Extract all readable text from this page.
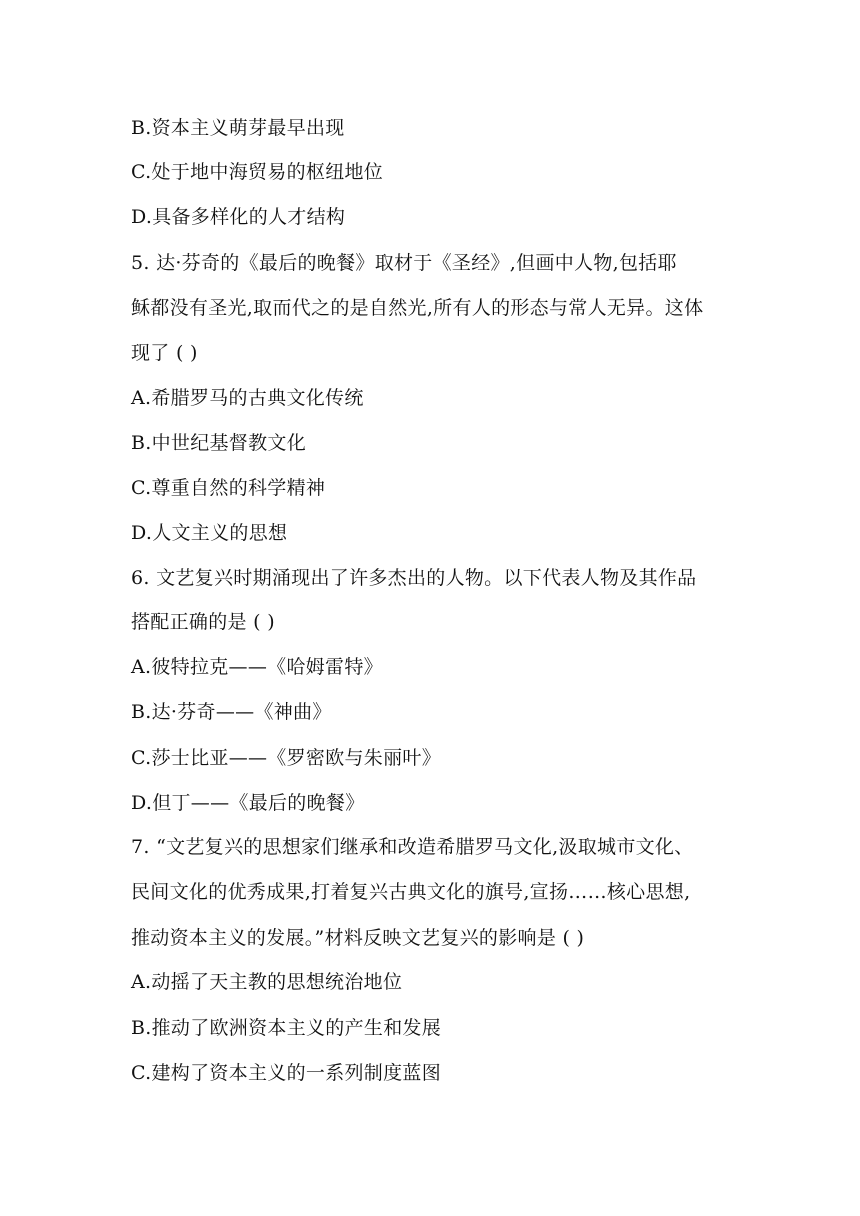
B.资本主义萌芽最早出现
C.处于地中海贸易的枢纽地位
D.具备多样化的人才结构
5. 达·芬奇的《最后的晚餐》取材于《圣经》,但画中人物,包括耶
稣都没有圣光,取而代之的是自然光,所有人的形态与常人无异。这体
现了 ( )
A.希腊罗马的古典文化传统
B.中世纪基督教文化
C.尊重自然的科学精神
D.人文主义的思想
6. 文艺复兴时期涌现出了许多杰出的人物。以下代表人物及其作品
搭配正确的是 ( )
A.彼特拉克——《哈姆雷特》
B.达·芬奇——《神曲》
C.莎士比亚——《罗密欧与朱丽叶》
D.但丁——《最后的晚餐》
7. “文艺复兴的思想家们继承和改造希腊罗马文化,汲取城市文化、
民间文化的优秀成果,打着复兴古典文化的旗号,宣扬……核心思想,
推动资本主义的发展。”材料反映文艺复兴的影响是 ( )
A.动摇了天主教的思想统治地位
B.推动了欧洲资本主义的产生和发展
C.建构了资本主义的一系列制度蓝图
